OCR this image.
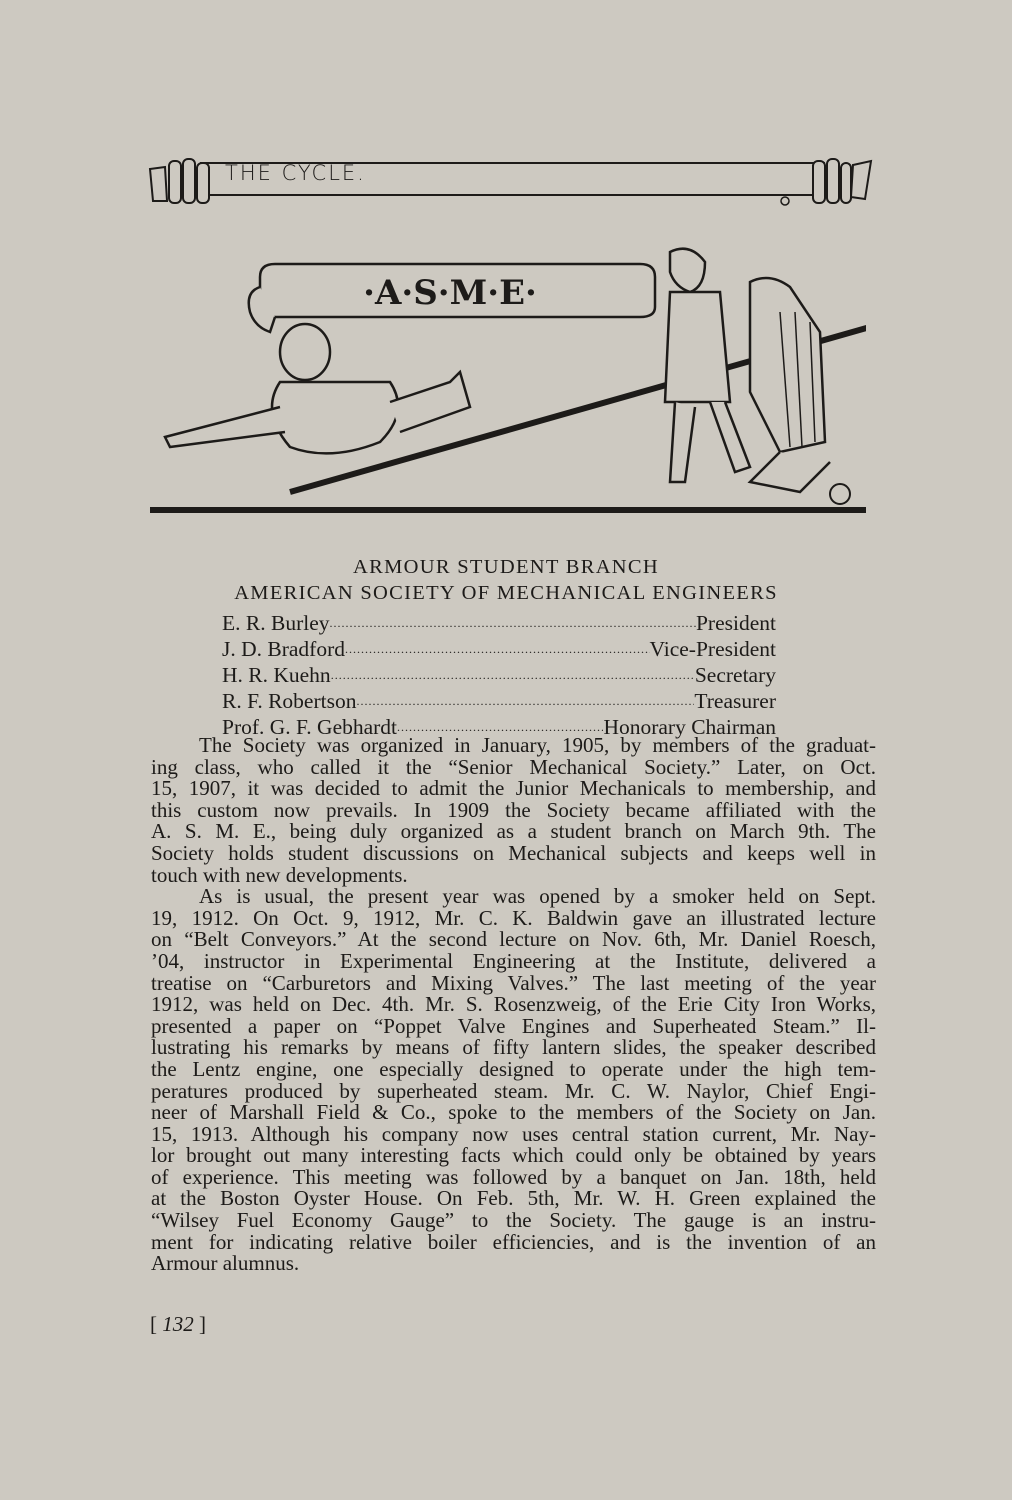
THE CYCLE.
·A·S·M·E·
ARMOUR STUDENT BRANCH
AMERICAN SOCIETY OF MECHANICAL ENGINEERS
E. R. Burley .....	President
J. D. Bradford .....	Vice-President
H. R. Kuehn .....	Secretary
R. F. Robertson .....	Treasurer
Prof. G. F. Gebhardt .....	Honorary Chairman
The Society was organized in January, 1905, by members of the graduat-
ing class, who called it the “Senior Mechanical Society.” Later, on Oct.
15, 1907, it was decided to admit the Junior Mechanicals to membership, and
this custom now prevails. In 1909 the Society became affiliated with the
A. S. M. E., being duly organized as a student branch on March 9th. The
Society holds student discussions on Mechanical subjects and keeps well in
touch with new developments.
As is usual, the present year was opened by a smoker held on Sept.
19, 1912. On Oct. 9, 1912, Mr. C. K. Baldwin gave an illustrated lecture
on “Belt Conveyors.” At the second lecture on Nov. 6th, Mr. Daniel Roesch,
’04, instructor in Experimental Engineering at the Institute, delivered a
treatise on “Carburetors and Mixing Valves.” The last meeting of the year
1912, was held on Dec. 4th. Mr. S. Rosenzweig, of the Erie City Iron Works,
presented a paper on “Poppet Valve Engines and Superheated Steam.” Il-
lustrating his remarks by means of fifty lantern slides, the speaker described
the Lentz engine, one especially designed to operate under the high tem-
peratures produced by superheated steam. Mr. C. W. Naylor, Chief Engi-
neer of Marshall Field & Co., spoke to the members of the Society on Jan.
15, 1913. Although his company now uses central station current, Mr. Nay-
lor brought out many interesting facts which could only be obtained by years
of experience. This meeting was followed by a banquet on Jan. 18th, held
at the Boston Oyster House. On Feb. 5th, Mr. W. H. Green explained the
“Wilsey Fuel Economy Gauge” to the Society. The gauge is an instru-
ment for indicating relative boiler efficiencies, and is the invention of an
Armour alumnus.
[ 132 ]
